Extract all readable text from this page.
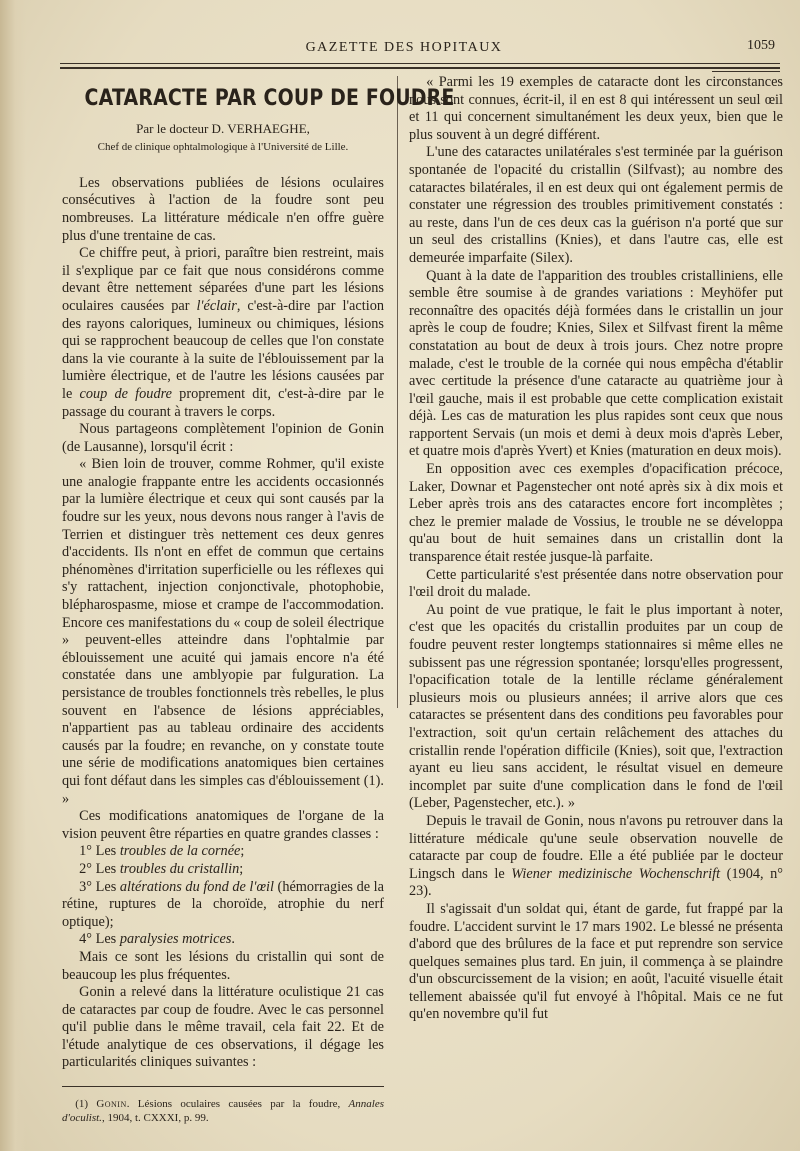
GAZETTE DES HOPITAUX	1059
CATARACTE PAR COUP DE FOUDRE
Par le docteur D. VERHAEGHE,
Chef de clinique ophtalmologique à l'Université de Lille.

Les observations publiées de lésions oculaires consécutives à l'action de la foudre sont peu nombreuses. La littérature médicale n'en offre guère plus d'une trentaine de cas.

Ce chiffre peut, à priori, paraître bien restreint, mais il s'explique par ce fait que nous considérons comme devant être nettement séparées d'une part les lésions oculaires causées par l'éclair, c'est-à-dire par l'action des rayons caloriques, lumineux ou chimiques, lésions qui se rapprochent beaucoup de celles que l'on constate dans la vie courante à la suite de l'éblouissement par la lumière électrique, et de l'autre les lésions causées par le coup de foudre proprement dit, c'est-à-dire par le passage du courant à travers le corps.

Nous partageons complètement l'opinion de Gonin (de Lausanne), lorsqu'il écrit :

« Bien loin de trouver, comme Rohmer, qu'il existe une analogie frappante entre les accidents occasionnés par la lumière électrique et ceux qui sont causés par la foudre sur les yeux, nous devons nous ranger à l'avis de Terrien et distinguer très nettement ces deux genres d'accidents. Ils n'ont en effet de commun que certains phénomènes d'irritation superficielle ou les réflexes qui s'y rattachent, injection conjonctivale, photophobie, blépharospasme, miose et crampe de l'accommodation. Encore ces manifestations du « coup de soleil électrique » peuvent-elles atteindre dans l'ophtalmie par éblouissement une acuité qui jamais encore n'a été constatée dans une amblyopie par fulguration. La persistance de troubles fonctionnels très rebelles, le plus souvent en l'absence de lésions appréciables, n'appartient pas au tableau ordinaire des accidents causés par la foudre; en revanche, on y constate toute une série de modifications anatomiques bien certaines qui font défaut dans les simples cas d'éblouissement (1). »

Ces modifications anatomiques de l'organe de la vision peuvent être réparties en quatre grandes classes :

1° Les troubles de la cornée;

2° Les troubles du cristallin;

3° Les altérations du fond de l'œil (hémorragies de la rétine, ruptures de la choroïde, atrophie du nerf optique);

4° Les paralysies motrices.

Mais ce sont les lésions du cristallin qui sont de beaucoup les plus fréquentes.

Gonin a relevé dans la littérature oculistique 21 cas de cataractes par coup de foudre. Avec le cas personnel qu'il publie dans le même travail, cela fait 22. Et de l'étude analytique de ces observations, il dégage les particularités cliniques suivantes :

(1) Gonin. Lésions oculaires causées par la foudre, Annales d'oculist., 1904, t. CXXXI, p. 99.

« Parmi les 19 exemples de cataracte dont les circonstances nous sont connues, écrit-il, il en est 8 qui intéressent un seul œil et 11 qui concernent simultanément les deux yeux, bien que le plus souvent à un degré différent.

L'une des cataractes unilatérales s'est terminée par la guérison spontanée de l'opacité du cristallin (Silfvast); au nombre des cataractes bilatérales, il en est deux qui ont également permis de constater une régression des troubles primitivement constatés : au reste, dans l'un de ces deux cas la guérison n'a porté que sur un seul des cristallins (Knies), et dans l'autre cas, elle est demeurée imparfaite (Silex).

Quant à la date de l'apparition des troubles cristalliniens, elle semble être soumise à de grandes variations : Meyhöfer put reconnaître des opacités déjà formées dans le cristallin un jour après le coup de foudre; Knies, Silex et Silfvast firent la même constatation au bout de deux à trois jours. Chez notre propre malade, c'est le trouble de la cornée qui nous empêcha d'établir avec certitude la présence d'une cataracte au quatrième jour à l'œil gauche, mais il est probable que cette complication existait déjà. Les cas de maturation les plus rapides sont ceux que nous rapportent Servais (un mois et demi à deux mois d'après Leber, et quatre mois d'après Yvert) et Knies (maturation en deux mois).

En opposition avec ces exemples d'opacification précoce, Laker, Downar et Pagenstecher ont noté après six à dix mois et Leber après trois ans des cataractes encore fort incomplètes ; chez le premier malade de Vossius, le trouble ne se développa qu'au bout de huit semaines dans un cristallin dont la transparence était restée jusque-là parfaite.

Cette particularité s'est présentée dans notre observation pour l'œil droit du malade.

Au point de vue pratique, le fait le plus important à noter, c'est que les opacités du cristallin produites par un coup de foudre peuvent rester longtemps stationnaires si même elles ne subissent pas une régression spontanée; lorsqu'elles progressent, l'opacification totale de la lentille réclame généralement plusieurs mois ou plusieurs années; il arrive alors que ces cataractes se présentent dans des conditions peu favorables pour l'extraction, soit qu'un certain relâchement des attaches du cristallin rende l'opération difficile (Knies), soit que, l'extraction ayant eu lieu sans accident, le résultat visuel en demeure incomplet par suite d'une complication dans le fond de l'œil (Leber, Pagenstecher, etc.). »

Depuis le travail de Gonin, nous n'avons pu retrouver dans la littérature médicale qu'une seule observation nouvelle de cataracte par coup de foudre. Elle a été publiée par le docteur Lingsch dans le Wiener medizinische Wochenschrift (1904, n° 23).

Il s'agissait d'un soldat qui, étant de garde, fut frappé par la foudre. L'accident survint le 17 mars 1902. Le blessé ne présenta d'abord que des brûlures de la face et put reprendre son service quelques semaines plus tard. En juin, il commença à se plaindre d'un obscurcissement de la vision; en août, l'acuité visuelle était tellement abaissée qu'il fut envoyé à l'hôpital. Mais ce ne fut qu'en novembre qu'il fut
